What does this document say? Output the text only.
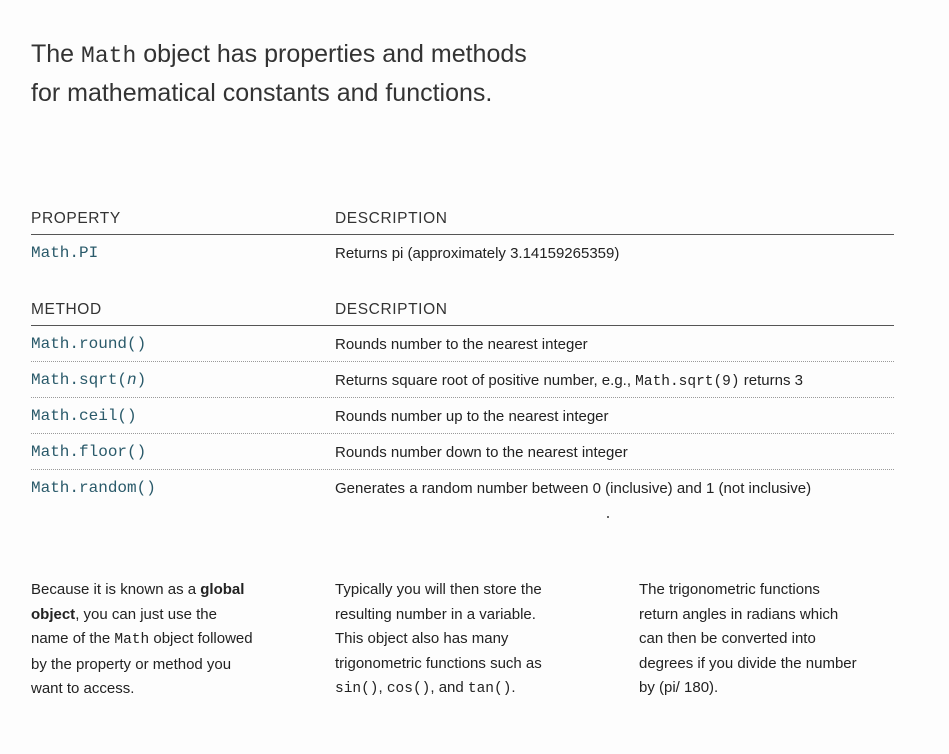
The Math object has properties and methods
for mathematical constants and functions.
PROPERTY	DESCRIPTION
Math.PI	Returns pi (approximately 3.14159265359)
METHOD	DESCRIPTION
Math.round()	Rounds number to the nearest integer
Math.sqrt(n)	Returns square root of positive number, e.g., Math.sqrt(9) returns 3
Math.ceil()	Rounds number up to the nearest integer
Math.floor()	Rounds number down to the nearest integer
Math.random()	Generates a random number between 0 (inclusive) and 1 (not inclusive)

Because it is known as a global
object, you can just use the
name of the Math object followed
by the property or method you
want to access.

Typically you will then store the
resulting number in a variable.
This object also has many
trigonometric functions such as
sin(), cos(), and tan().

The trigonometric functions
return angles in radians which
can then be converted into
degrees if you divide the number
by (pi/ 180).
